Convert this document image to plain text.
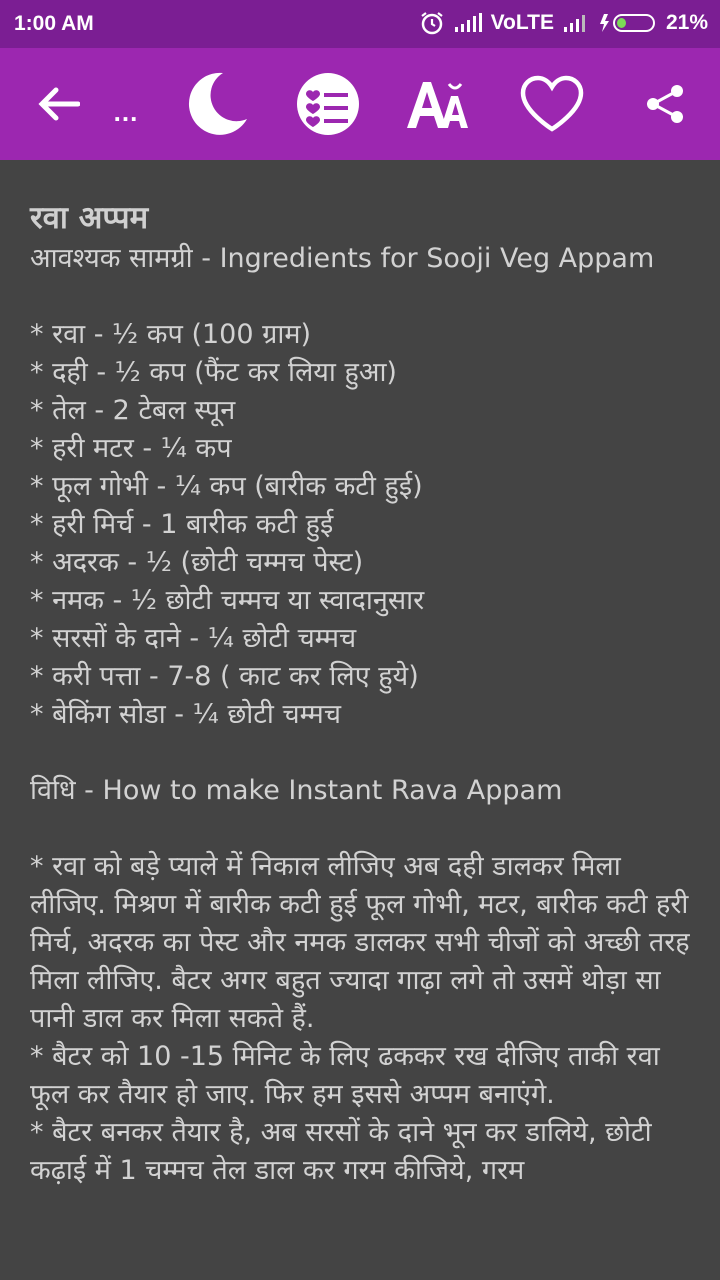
1:00 AM	VoLTE	21%
...
रवा अप्पम

आवश्यक सामग्री - Ingredients for Sooji Veg Appam

* रवा - ½ कप (100 ग्राम)

* दही - ½ कप (फैंट कर लिया हुआ)

* तेल - 2 टेबल स्पून

* हरी मटर - ¼ कप

* फूल गोभी - ¼ कप (बारीक कटी हुई)

* हरी मिर्च - 1 बारीक कटी हुई

* अदरक - ½ (छोटी चम्मच पेस्ट)

* नमक - ½ छोटी चम्मच या स्वादानुसार

* सरसों के दाने - ¼ छोटी चम्मच

* करी पत्ता - 7-8 ( काट कर लिए हुये)

* बेकिंग सोडा - ¼ छोटी चम्मच

विधि - How to make Instant Rava Appam

* रवा को बड़े प्याले में निकाल लीजिए अब दही डालकर मिला लीजिए. मिश्रण में बारीक कटी हुई फूल गोभी, मटर, बारीक कटी हरी मिर्च, अदरक का पेस्ट और नमक डालकर सभी चीजों को अच्छी तरह मिला लीजिए. बैटर अगर बहुत ज्यादा गाढ़ा लगे तो उसमें थोड़ा सा पानी डाल कर मिला सकते हैं.

* बैटर को 10 -15 मिनिट के लिए ढककर रख दीजिए ताकी रवा फूल कर तैयार हो जाए. फिर हम इससे अप्पम बनाएंगे.

* बैटर बनकर तैयार है, अब सरसों के दाने भून कर डालिये, छोटी कढ़ाई में 1 चम्मच तेल डाल कर गरम कीजिये, गरम
